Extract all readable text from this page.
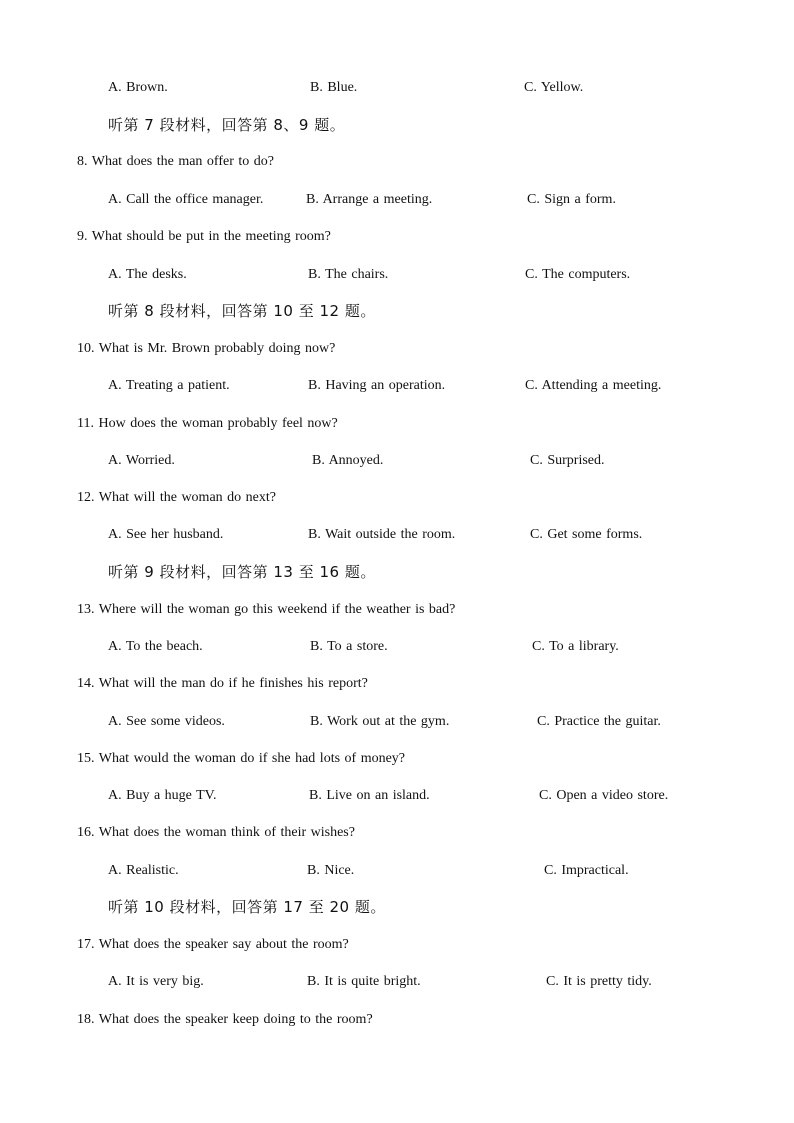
A. Brown.	B. Blue.	C. Yellow.
听第 7 段材料，回答第 8、9 题。
8. What does the man offer to do?
A. Call the office manager.	B. Arrange a meeting.	C. Sign a form.
9. What should be put in the meeting room?
A. The desks.	B. The chairs.	C. The computers.
听第 8 段材料，回答第 10 至 12 题。
10. What is Mr. Brown probably doing now?
A. Treating a patient.	B. Having an operation.	C. Attending a meeting.
11. How does the woman probably feel now?
A. Worried.	B. Annoyed.	C. Surprised.
12. What will the woman do next?
A. See her husband.	B. Wait outside the room.	C. Get some forms.
听第 9 段材料，回答第 13 至 16 题。
13. Where will the woman go this weekend if the weather is bad?
A. To the beach.	B. To a store.	C. To a library.
14. What will the man do if he finishes his report?
A. See some videos.	B. Work out at the gym.	C. Practice the guitar.
15. What would the woman do if she had lots of money?
A. Buy a huge TV.	B. Live on an island.	C. Open a video store.
16. What does the woman think of their wishes?
A. Realistic.	B. Nice.	C. Impractical.
听第 10 段材料，回答第 17 至 20 题。
17. What does the speaker say about the room?
A. It is very big.	B. It is quite bright.	C. It is pretty tidy.
18. What does the speaker keep doing to the room?
